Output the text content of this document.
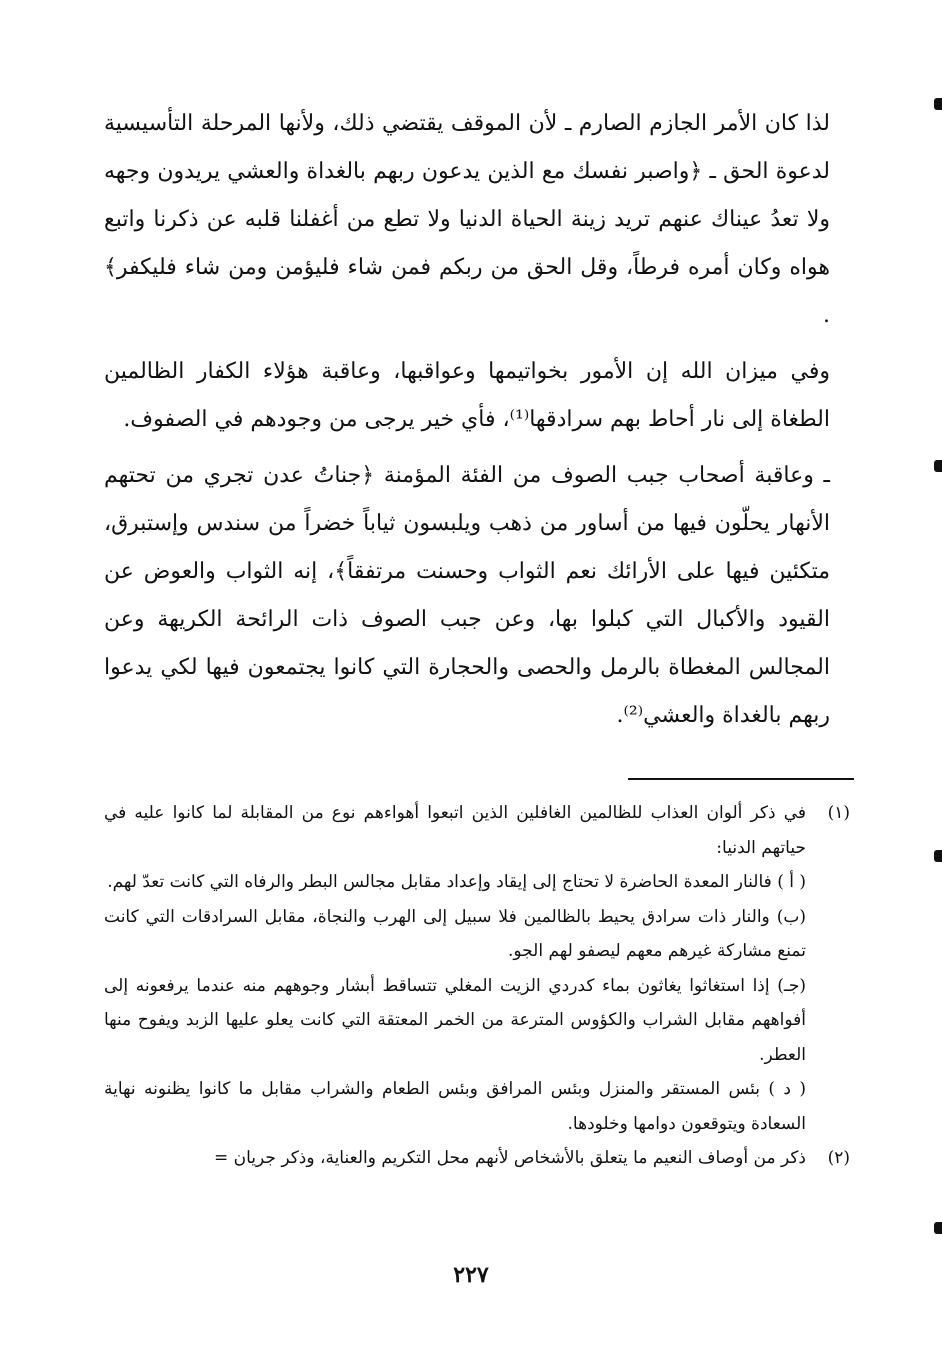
لذا كان الأمر الجازم الصارم ـ لأن الموقف يقتضي ذلك، ولأنها المرحلة التأسيسية لدعوة الحق ـ ﴿واصبر نفسك مع الذين يدعون ربهم بالغداة والعشي يريدون وجهه ولا تعدُ عيناك عنهم تريد زينة الحياة الدنيا ولا تطع من أغفلنا قلبه عن ذكرنا واتبع هواه وكان أمره فرطاً، وقل الحق من ربكم فمن شاء فليؤمن ومن شاء فليكفر﴾ .

وفي ميزان الله إن الأمور بخواتيمها وعواقبها، وعاقبة هؤلاء الكفار الظالمين الطغاة إلى نار أحاط بهم سرادقها⁽¹⁾، فأي خير يرجى من وجودهم في الصفوف.

ـ وعاقبة أصحاب جبب الصوف من الفئة المؤمنة ﴿جناتُ عدن تجري من تحتهم الأنهار يحلّون فيها من أساور من ذهب ويلبسون ثياباً خضراً من سندس وإستبرق، متكئين فيها على الأرائك نعم الثواب وحسنت مرتفقاً﴾، إنه الثواب والعوض عن القيود والأكبال التي كبلوا بها، وعن جبب الصوف ذات الرائحة الكريهة وعن المجالس المغطاة بالرمل والحصى والحجارة التي كانوا يجتمعون فيها لكي يدعوا ربهم بالغداة والعشي⁽²⁾.

(١)

في ذكر ألوان العذاب للظالمين الغافلين الذين اتبعوا أهواءهم نوع من المقابلة لما كانوا عليه في حياتهم الدنيا:

( أ ) فالنار المعدة الحاضرة لا تحتاج إلى إيقاد وإعداد مقابل مجالس البطر والرفاه التي كانت تعدّ لهم.

(ب) والنار ذات سرادق يحيط بالظالمين فلا سبيل إلى الهرب والنجاة، مقابل السرادقات التي كانت تمنع مشاركة غيرهم معهم ليصفو لهم الجو.

(جـ) إذا استغاثوا يغاثون بماء كدردي الزيت المغلي تتساقط أبشار وجوههم منه عندما يرفعونه إلى أفواههم مقابل الشراب والكؤوس المترعة من الخمر المعتقة التي كانت يعلو عليها الزبد ويفوح منها العطر.

( د ) بئس المستقر والمنزل وبئس المرافق وبئس الطعام والشراب مقابل ما كانوا يظنونه نهاية السعادة ويتوقعون دوامها وخلودها.

(٢)

ذكر من أوصاف النعيم ما يتعلق بالأشخاص لأنهم محل التكريم والعناية، وذكر جريان =

٢٢٧
